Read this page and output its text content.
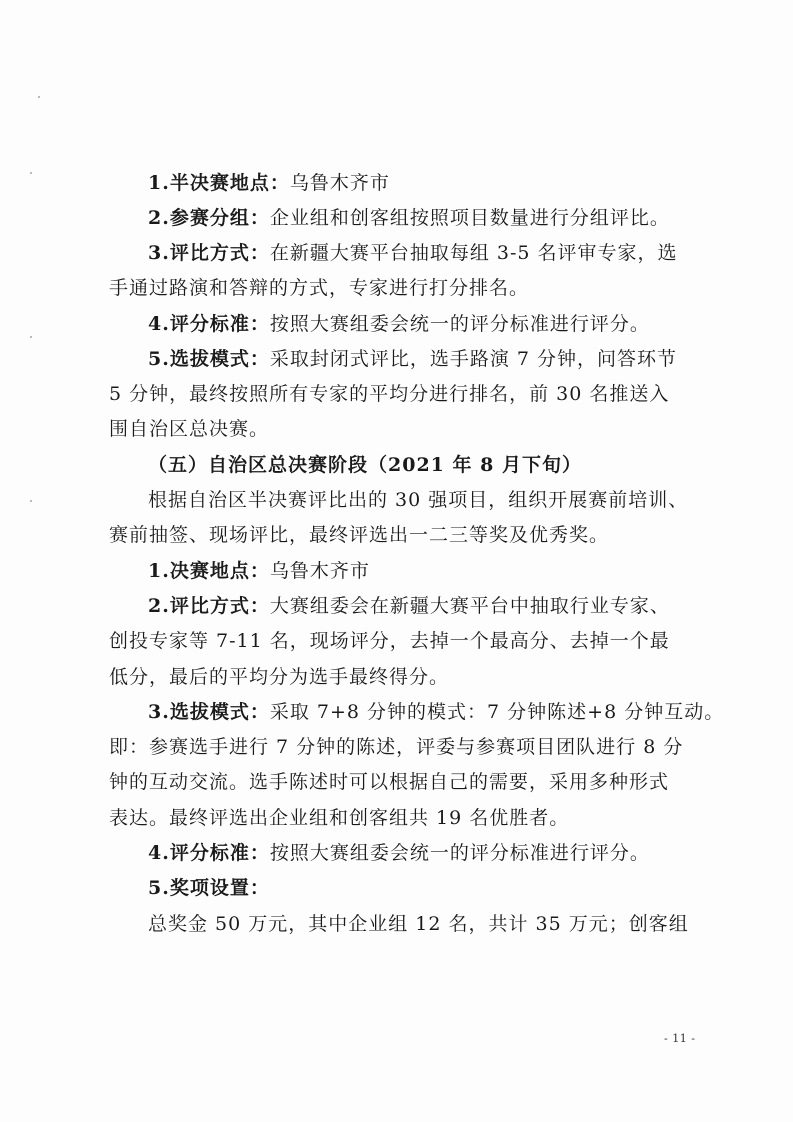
1.半决赛地点：乌鲁木齐市
2.参赛分组：企业组和创客组按照项目数量进行分组评比。
3.评比方式：在新疆大赛平台抽取每组 3-5 名评审专家，选
手通过路演和答辩的方式，专家进行打分排名。
4.评分标准：按照大赛组委会统一的评分标准进行评分。
5.选拔模式：采取封闭式评比，选手路演 7 分钟，问答环节
5 分钟，最终按照所有专家的平均分进行排名，前 30 名推送入
围自治区总决赛。
（五）自治区总决赛阶段（2021 年 8 月下旬）
根据自治区半决赛评比出的 30 强项目，组织开展赛前培训、
赛前抽签、现场评比，最终评选出一二三等奖及优秀奖。
1.决赛地点：乌鲁木齐市
2.评比方式：大赛组委会在新疆大赛平台中抽取行业专家、
创投专家等 7-11 名，现场评分，去掉一个最高分、去掉一个最
低分，最后的平均分为选手最终得分。
3.选拔模式：采取 7+8 分钟的模式：7 分钟陈述+8 分钟互动。
即：参赛选手进行 7 分钟的陈述，评委与参赛项目团队进行 8 分
钟的互动交流。选手陈述时可以根据自己的需要，采用多种形式
表达。最终评选出企业组和创客组共 19 名优胜者。
4.评分标准：按照大赛组委会统一的评分标准进行评分。
5.奖项设置：
总奖金 50 万元，其中企业组 12 名，共计 35 万元；创客组
- 11 -
